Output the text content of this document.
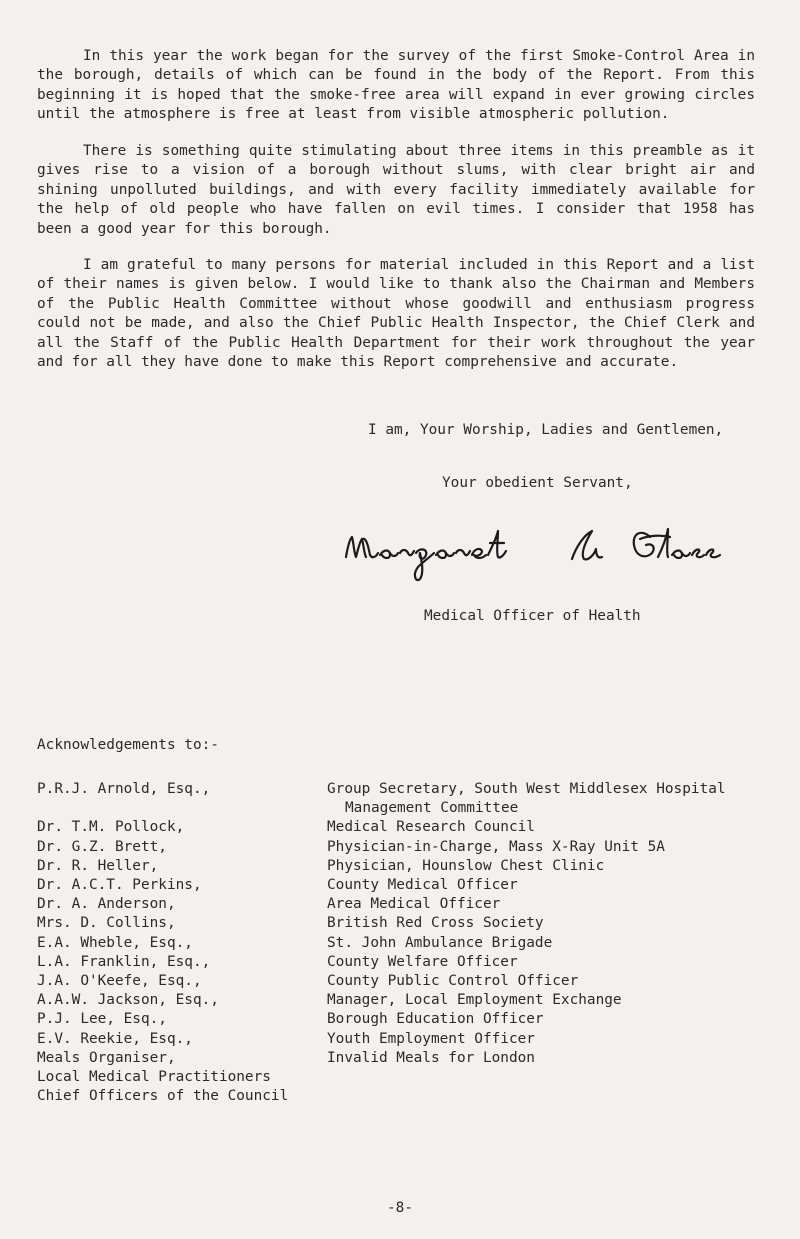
In this year the work began for the survey of the first Smoke-Control Area in the borough, details of which can be found in the body of the Report. From this beginning it is hoped that the smoke-free area will expand in ever growing circles until the atmosphere is free at least from visible atmospheric pollution.

There is something quite stimulating about three items in this preamble as it gives rise to a vision of a borough without slums, with clear bright air and shining unpolluted buildings, and with every facility immediately available for the help of old people who have fallen on evil times. I consider that 1958 has been a good year for this borough.

I am grateful to many persons for material included in this Report and a list of their names is given below. I would like to thank also the Chairman and Members of the Public Health Committee without whose goodwill and enthusiasm progress could not be made, and also the Chief Public Health Inspector, the Chief Clerk and all the Staff of the Public Health Department for their work throughout the year and for all they have done to make this Report comprehensive and accurate.

I am, Your Worship, Ladies and Gentlemen,

Your obedient Servant,

Medical Officer of Health

Acknowledgements to:-

P.R.J. Arnold, Esq.,	Group Secretary, South West Middlesex Hospital
Management Committee
Dr. T.M. Pollock,	Medical Research Council
Dr. G.Z. Brett,	Physician-in-Charge, Mass X-Ray Unit 5A
Dr. R. Heller,	Physician, Hounslow Chest Clinic
Dr. A.C.T. Perkins,	County Medical Officer
Dr. A. Anderson,	Area Medical Officer
Mrs. D. Collins,	British Red Cross Society
E.A. Wheble, Esq.,	St. John Ambulance Brigade
L.A. Franklin, Esq.,	County Welfare Officer
J.A. O'Keefe, Esq.,	County Public Control Officer
A.A.W. Jackson, Esq.,	Manager, Local Employment Exchange
P.J. Lee, Esq.,	Borough Education Officer
E.V. Reekie, Esq.,	Youth Employment Officer
Meals Organiser,	Invalid Meals for London
Local Medical Practitioners
Chief Officers of the Council

-8-
